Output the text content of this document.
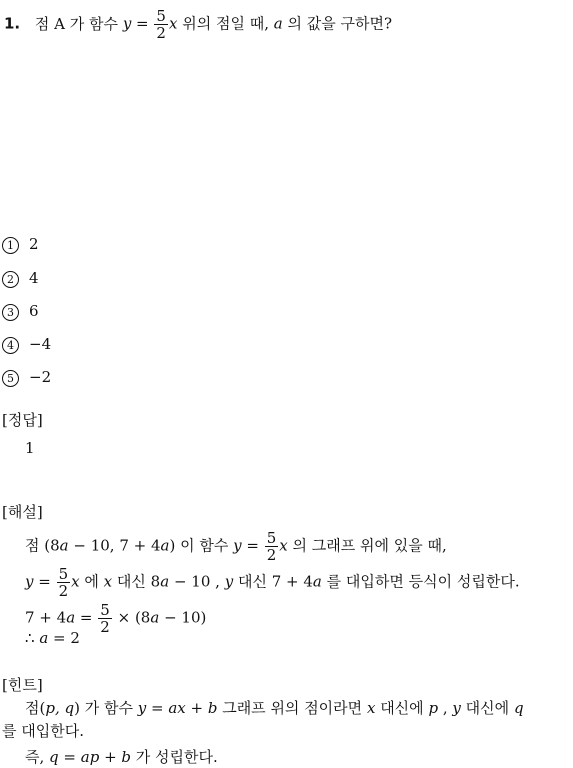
1. 점 A 가 함수 $y = \frac{5}{2}$ x 위의 점일 때, a 의 값을 구하면?
1 2
2 4
3 6
4 −4
5 −2
[정답]
1
[해설]
점 (8a − 10, 7 + 4a) 이 함수 $y = \frac{5}{2}$ x 의 그래프 위에 있을 때,
$y = \frac{5}{2}$ x 에 x 대신 8a − 10 , y 대신 7 + 4a 를 대입하면 등식이 성립한다.
$7 + 4a = \frac{5}{2} \times (8a - 10)$
∴ a = 2
[힌트]
점(p, q) 가 함수 y = ax + b 그래프 위의 점이라면 x 대신에 p , y 대신에 q
를 대입한다.
즉, q = ap + b 가 성립한다.
